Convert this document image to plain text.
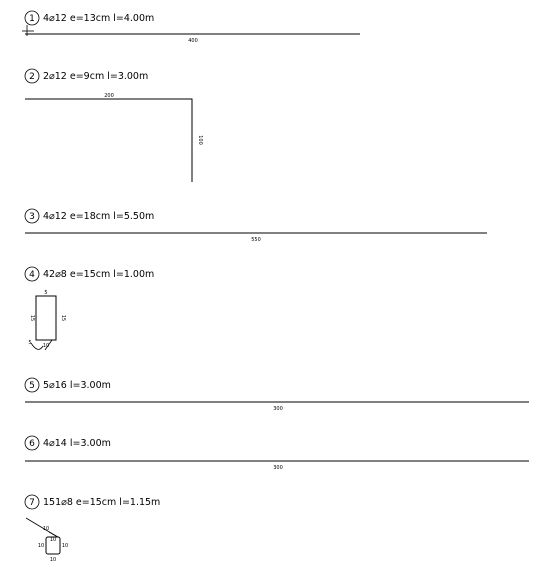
1 4⌀12 e=13cm l=4.00m
400
2 2⌀12 e=9cm l=3.00m
200
100
3 4⌀12 e=18cm l=5.50m
550
4 42⌀8 e=15cm l=1.00m
5
15	15
5 10
5 5⌀16 l=3.00m
300
6 4⌀14 l=3.00m
300
7 151⌀8 e=15cm l=1.15m
10
10
10	10
10
